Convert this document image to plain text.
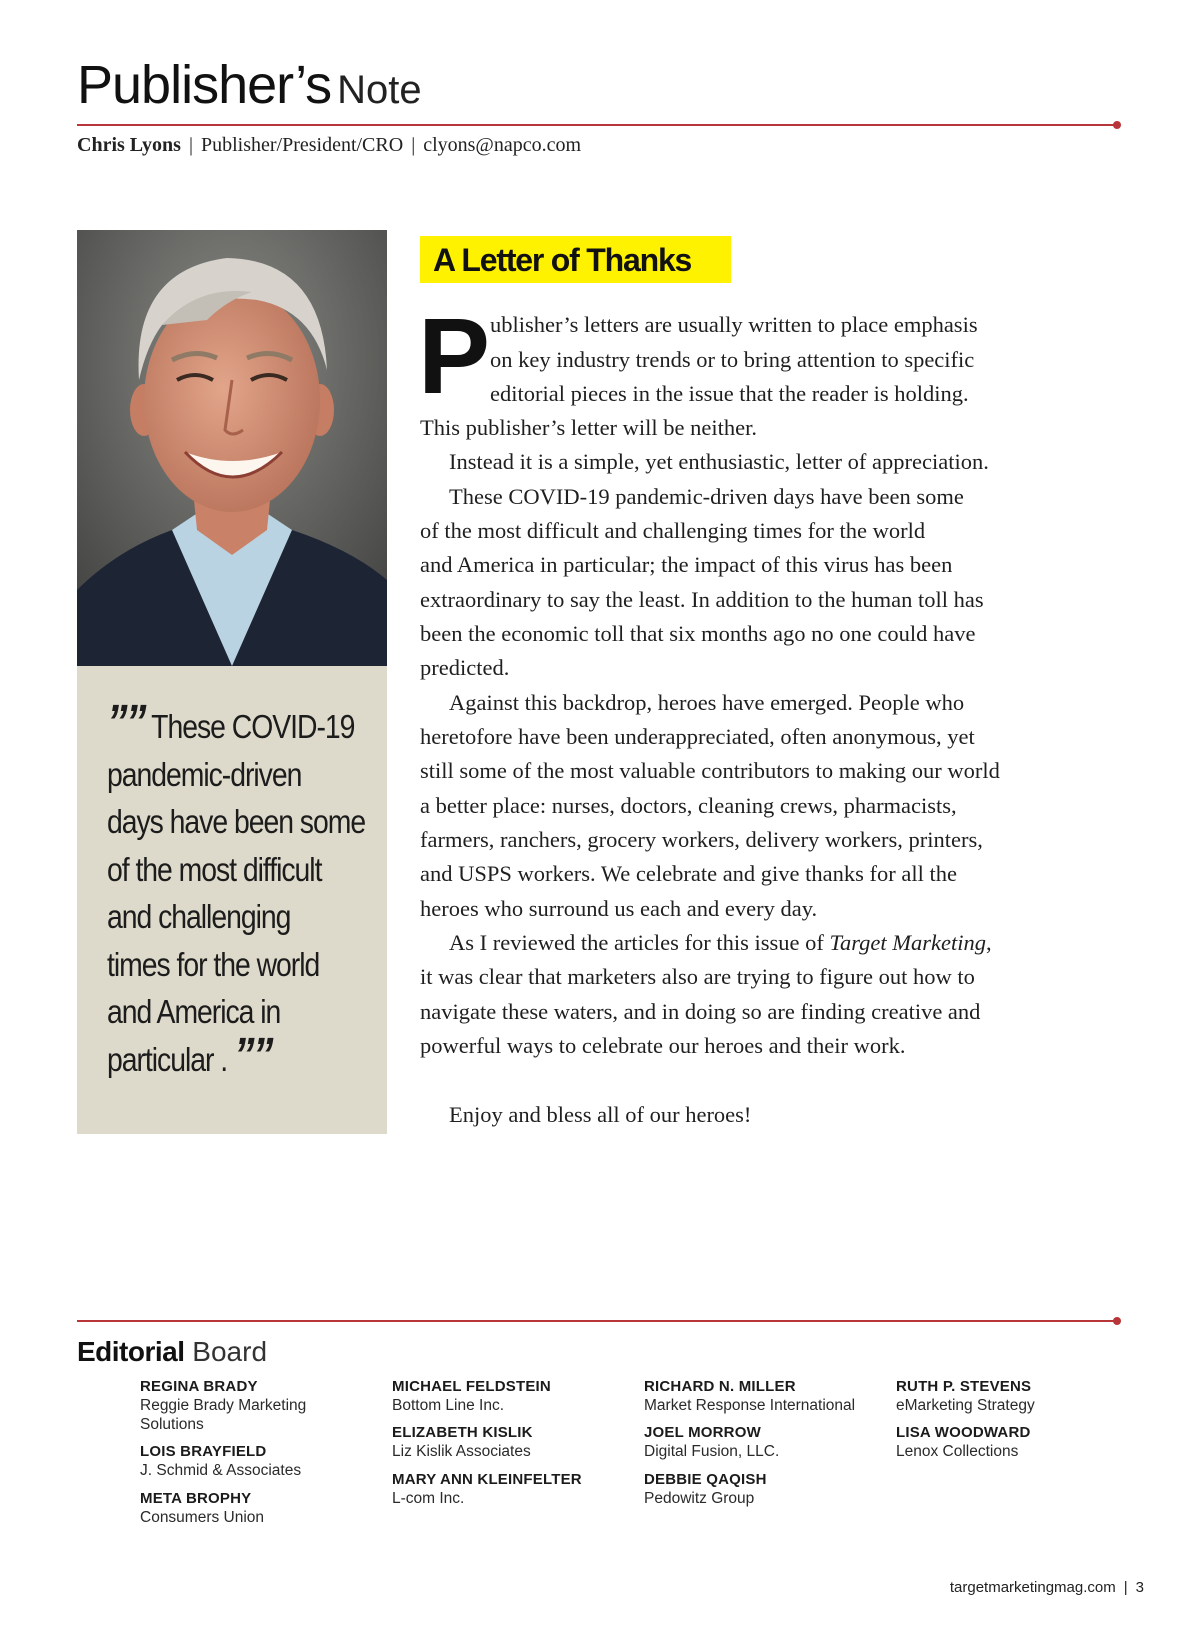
Publisher’s Note
Chris Lyons | Publisher/President/CRO | clyons@napco.com
”” These COVID-19
pandemic-driven
days have been some
of the most difficult
and challenging
times for the world
and America in
particular . ””
A Letter of Thanks
P ublisher’s letters are usually written to place emphasis
on key industry trends or to bring attention to specific
editorial pieces in the issue that the reader is holding.
This publisher’s letter will be neither.
Instead it is a simple, yet enthusiastic, letter of appreciation.
These COVID-19 pandemic-driven days have been some
of the most difficult and challenging times for the world
and America in particular; the impact of this virus has been
extraordinary to say the least. In addition to the human toll has
been the economic toll that six months ago no one could have
predicted.
Against this backdrop, heroes have emerged. People who
heretofore have been underappreciated, often anonymous, yet
still some of the most valuable contributors to making our world
a better place: nurses, doctors, cleaning crews, pharmacists,
farmers, ranchers, grocery workers, delivery workers, printers,
and USPS workers. We celebrate and give thanks for all the
heroes who surround us each and every day.
As I reviewed the articles for this issue of Target Marketing,
it was clear that marketers also are trying to figure out how to
navigate these waters, and in doing so are finding creative and
powerful ways to celebrate our heroes and their work.
Enjoy and bless all of our heroes!
Editorial Board
REGINA BRADY
Reggie Brady Marketing
Solutions
LOIS BRAYFIELD
J. Schmid & Associates
META BROPHY
Consumers Union
MICHAEL FELDSTEIN
Bottom Line Inc.
ELIZABETH KISLIK
Liz Kislik Associates
MARY ANN KLEINFELTER
L-com Inc.
RICHARD N. MILLER
Market Response International
JOEL MORROW
Digital Fusion, LLC.
DEBBIE QAQISH
Pedowitz Group
RUTH P. STEVENS
eMarketing Strategy
LISA WOODWARD
Lenox Collections
targetmarketingmag.com | 3
